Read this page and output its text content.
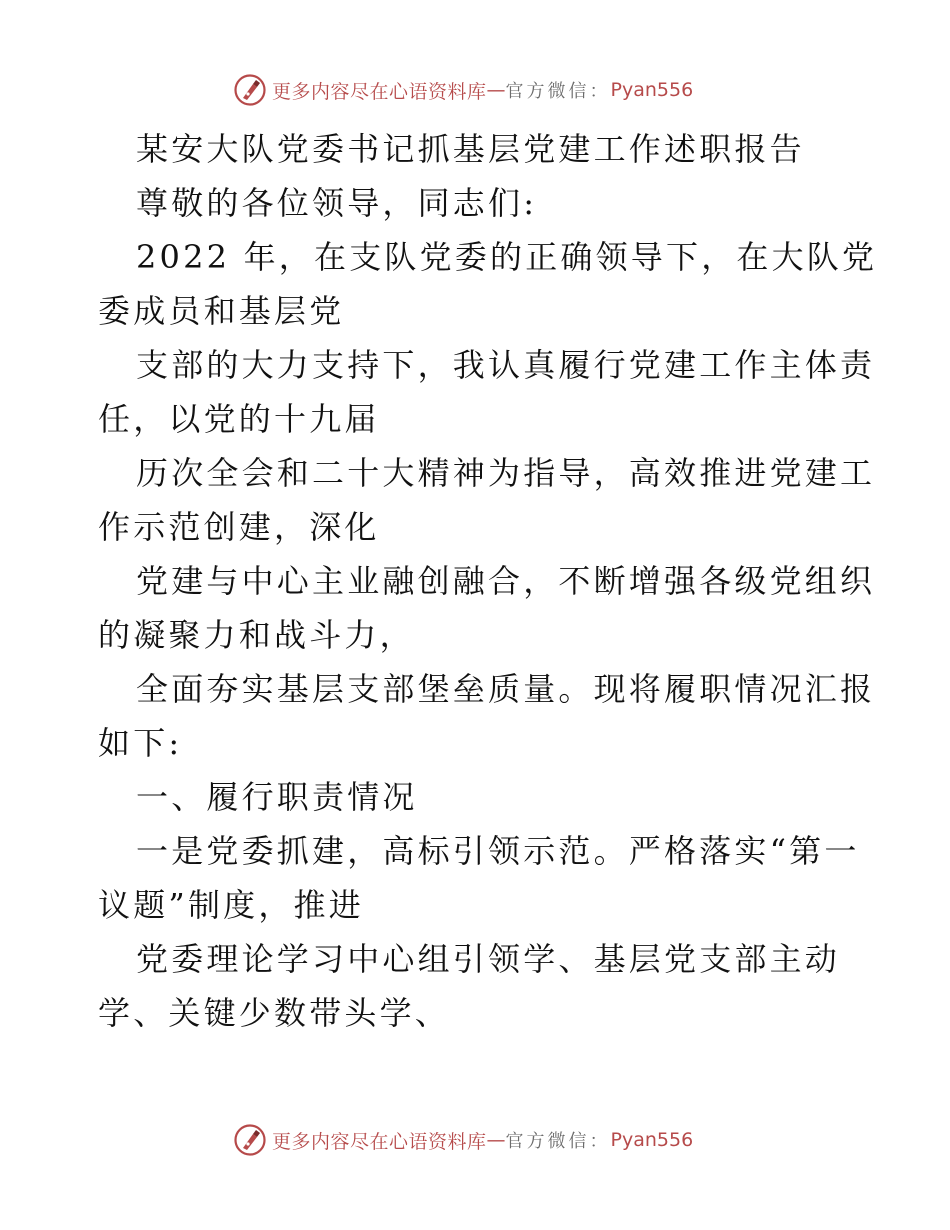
更多内容尽在心语资料库 — 官方微信： Pyan556
某安大队党委书记抓基层党建工作述职报告
尊敬的各位领导，同志们:
2022 年，在支队党委的正确领导下，在大队党
委成员和基层党
支部的大力支持下，我认真履行党建工作主体责
任，以党的十九届
历次全会和二十大精神为指导，高效推进党建工
作示范创建，深化
党建与中心主业融创融合，不断增强各级党组织
的凝聚力和战斗力，
全面夯实基层支部堡垒质量。现将履职情况汇报
如下:
一、履行职责情况
一是党委抓建，高标引领示范。严格落实“第一
议题”制度，推进
党委理论学习中心组引领学、基层党支部主动
学、关键少数带头学、
更多内容尽在心语资料库 — 官方微信： Pyan556
